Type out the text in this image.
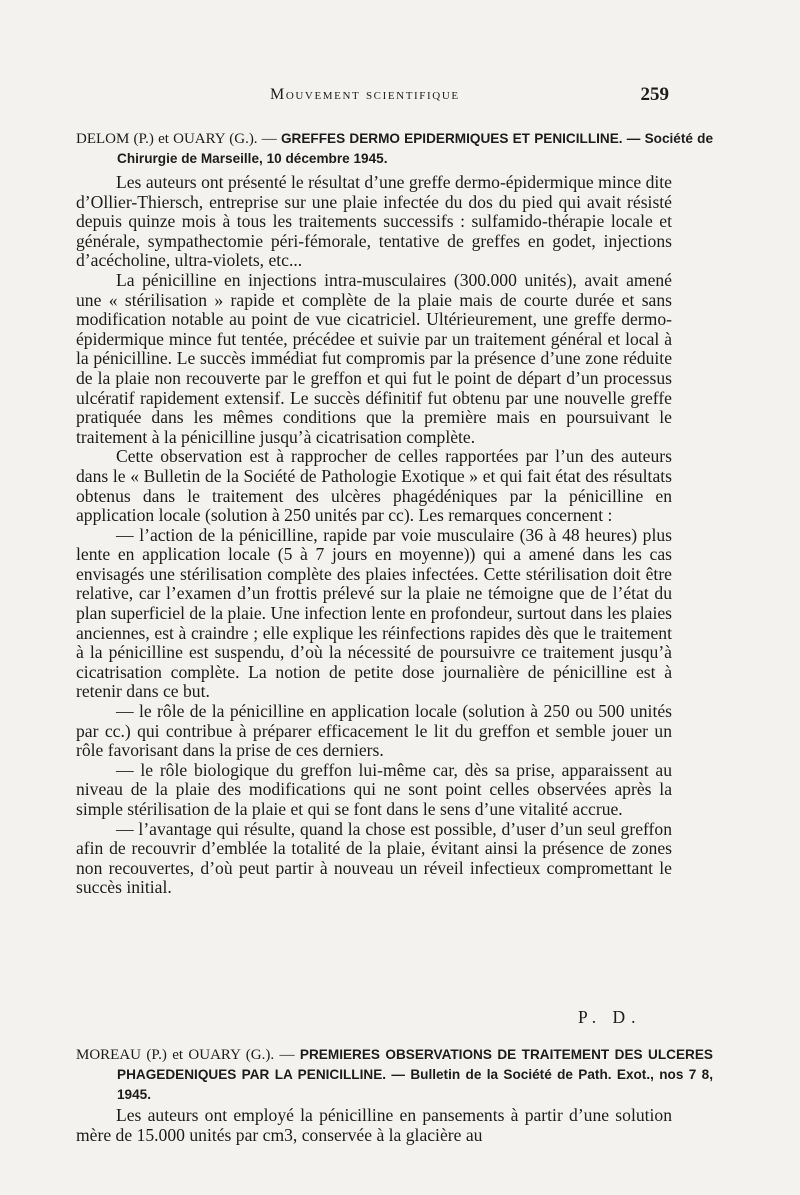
Mouvement scientifique	259
DELOM (P.) et OUARY (G.). — GREFFES DERMO EPIDERMIQUES ET PENICILLINE. — Société de Chirurgie de Marseille, 10 décembre 1945.

Les auteurs ont présenté le résultat d’une greffe dermo-épidermique mince dite d’Ollier-Thiersch, entreprise sur une plaie infectée du dos du pied qui avait résisté depuis quinze mois à tous les traitements successifs : sulfamido-thérapie locale et générale, sympathectomie péri-fémorale, tentative de greffes en godet, injections d’acécholine, ultra-violets, etc...

La pénicilline en injections intra-musculaires (300.000 unités), avait amené une « stérilisation » rapide et complète de la plaie mais de courte durée et sans modification notable au point de vue cicatriciel. Ultérieurement, une greffe dermo-épidermique mince fut tentée, précédee et suivie par un traitement général et local à la pénicilline. Le succès immédiat fut compromis par la présence d’une zone réduite de la plaie non recouverte par le greffon et qui fut le point de départ d’un processus ulcératif rapidement extensif. Le succès définitif fut obtenu par une nouvelle greffe pratiquée dans les mêmes conditions que la première mais en poursuivant le traitement à la pénicilline jusqu’à cicatrisation complète.

Cette observation est à rapprocher de celles rapportées par l’un des auteurs dans le « Bulletin de la Société de Pathologie Exotique » et qui fait état des résultats obtenus dans le traitement des ulcères phagédéniques par la pénicilline en application locale (solution à 250 unités par cc). Les remarques concernent :

— l’action de la pénicilline, rapide par voie musculaire (36 à 48 heures) plus lente en application locale (5 à 7 jours en moyenne)) qui a amené dans les cas envisagés une stérilisation complète des plaies infectées. Cette stérilisation doit être relative, car l’examen d’un frottis prélevé sur la plaie ne témoigne que de l’état du plan superficiel de la plaie. Une infection lente en profondeur, surtout dans les plaies anciennes, est à craindre ; elle explique les réinfections rapides dès que le traitement à la pénicilline est suspendu, d’où la nécessité de poursuivre ce traitement jusqu’à cicatrisation complète. La notion de petite dose journalière de pénicilline est à retenir dans ce but.

— le rôle de la pénicilline en application locale (solution à 250 ou 500 unités par cc.) qui contribue à préparer efficacement le lit du greffon et semble jouer un rôle favorisant dans la prise de ces derniers.

— le rôle biologique du greffon lui-même car, dès sa prise, apparaissent au niveau de la plaie des modifications qui ne sont point celles observées après la simple stérilisation de la plaie et qui se font dans le sens d’une vitalité accrue.

— l’avantage qui résulte, quand la chose est possible, d’user d’un seul greffon afin de recouvrir d’emblée la totalité de la plaie, évitant ainsi la présence de zones non recouvertes, d’où peut partir à nouveau un réveil infectieux compromettant le succès initial.

P. D.
MOREAU (P.) et OUARY (G.). — PREMIERES OBSERVATIONS DE TRAITEMENT DES ULCERES PHAGEDENIQUES PAR LA PENICILLINE. — Bulletin de la Société de Path. Exot., nos 7 8, 1945.

Les auteurs ont employé la pénicilline en pansements à partir d’une solution mère de 15.000 unités par cm3, conservée à la glacière au
